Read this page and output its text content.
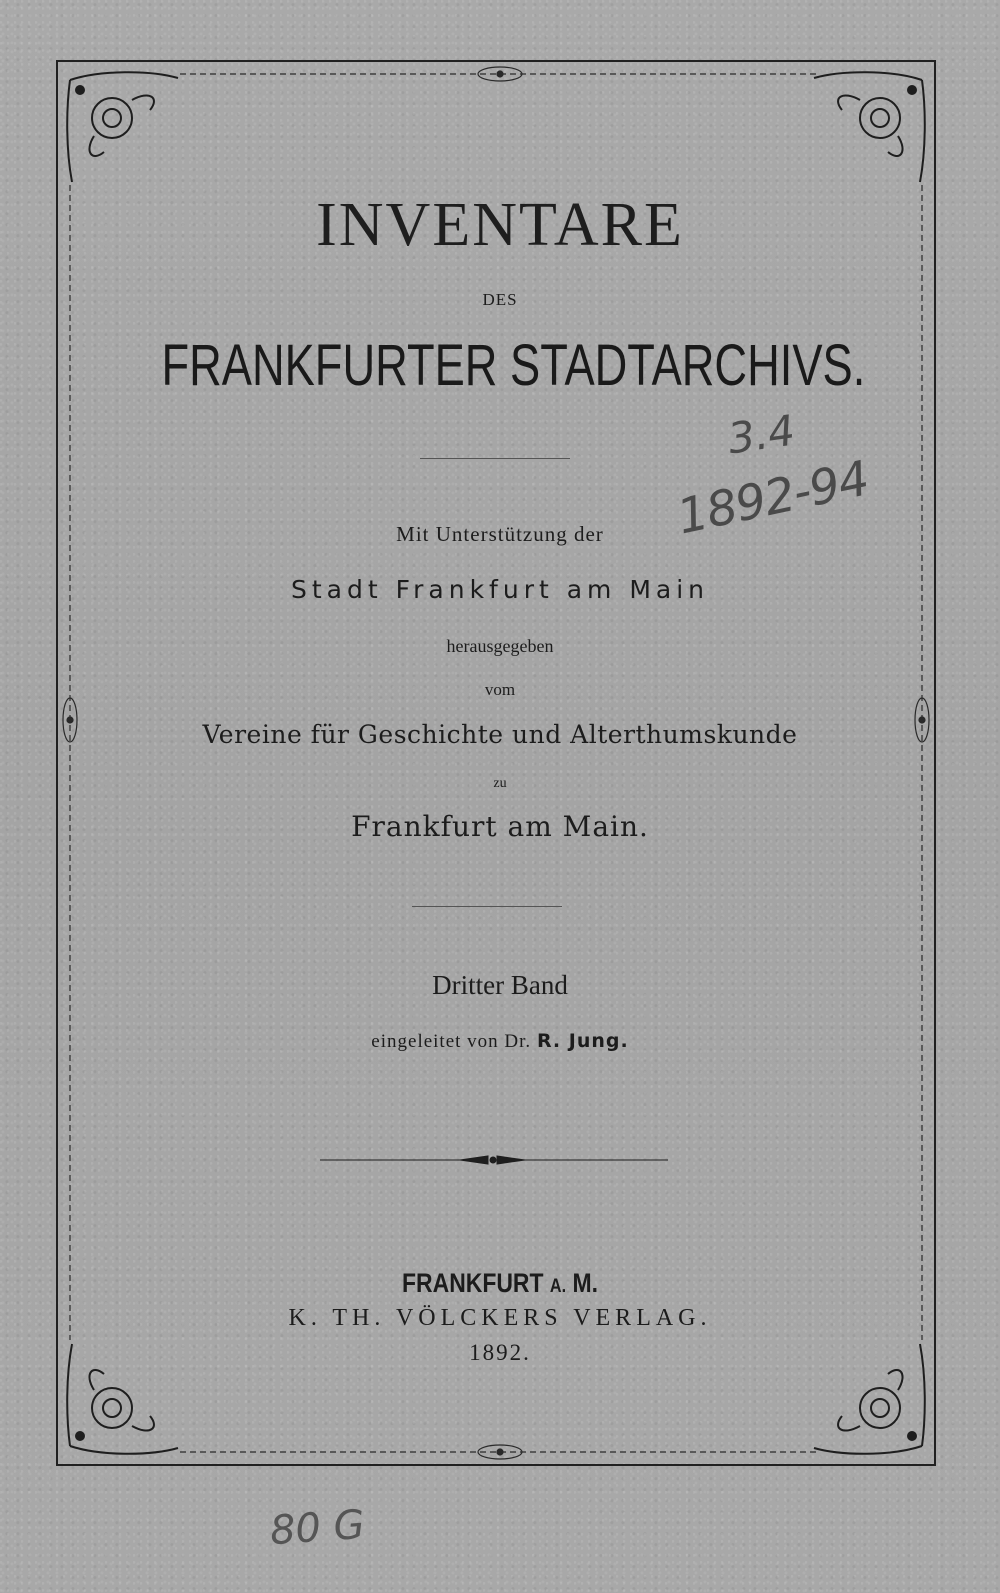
INVENTARE
DES
FRANKFURTER STADTARCHIVS.
Mit Unterstützung der
Stadt Frankfurt am Main
herausgegeben
vom
Vereine für Geschichte und Alterthumskunde
zu
Frankfurt am Main.
Dritter Band
eingeleitet von Dr. R. Jung.
FRANKFURT A. M.
K. TH. VÖLCKERS VERLAG.
1892.
3.4
1892-94
80 G
